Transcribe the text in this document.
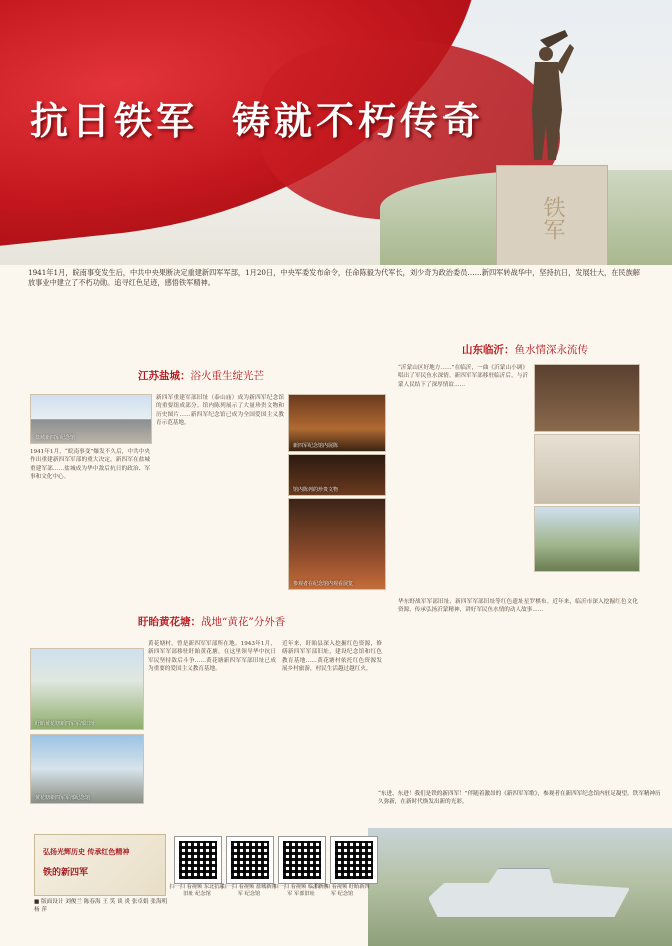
铁军
抗日铁军 铸就不朽传奇
1941年1月，皖南事变发生后，中共中央果断决定重建新四军军部，1月20日，中央军委发布命令，任命陈毅为代军长，刘少奇为政治委员……新四军转战华中，坚持抗日，发展壮大，在民族解放事业中建立了不朽功勋。追寻红色足迹，感悟铁军精神。
江苏盐城：浴火重生绽光芒
盐城新四军纪念馆
1941年1月，“皖南事变”爆发不久后，中共中央作出重建新四军军部的重大决定，新四军在盐城重建军部……盐城成为华中敌后抗日的政治、军事和文化中心。
新四军重建军部旧址（泰山庙）成为新四军纪念馆的重要组成部分。馆内陈列展示了大量珍贵文物和历史图片……新四军纪念馆已成为全国爱国主义教育示范基地。
新四军纪念馆内展陈
馆内陈列的珍贵文物
参观者在纪念馆内观看展览
盱眙黄花塘：战地“黄花”分外香
盱眙黄花塘新四军军部旧址
黄花塘新四军军部纪念馆
黄花塘村，曾是新四军军部所在地。1943年1月，新四军军部移驻盱眙黄花塘，在这里领导华中抗日军民坚持敌后斗争……黄花塘新四军军部旧址已成为重要的爱国主义教育基地。
近年来，盱眙县深入挖掘红色资源，修缮新四军军部旧址，建设纪念馆和红色教育基地……黄花塘村依托红色资源发展乡村旅游，村民生活越过越红火。
山东临沂：鱼水情深永流传
“沂蒙山区好地方……”在临沂，一曲《沂蒙山小调》唱出了军民鱼水深情。新四军军部移驻临沂后，与沂蒙人民结下了深厚情谊……
华东野战军军部旧址、新四军军部旧址等红色遗址星罗棋布。近年来，临沂市深入挖掘红色文化资源，传承弘扬沂蒙精神，讲好军民鱼水情的动人故事……
“东进、东进！我们是铁的新四军！”伴随着激昂的《新四军军歌》，参观者在新四军纪念馆内驻足凝望。铁军精神历久弥新，在新时代焕发出新的光彩。
弘扬光辉历史 传承红色精神
铁的新四军
■ 版面设计 刘俊兰 陈春海 王 笑 谈 炎 张卓娟 张海明 杨 萍
扫一扫 看视频 东北抗联旧址 纪念馆
扫一扫 看视频 盐城新四军 纪念馆
扫一扫 看视频 临沂新四军 军部旧址
扫一扫 看视频 盱眙新四军 纪念馆
